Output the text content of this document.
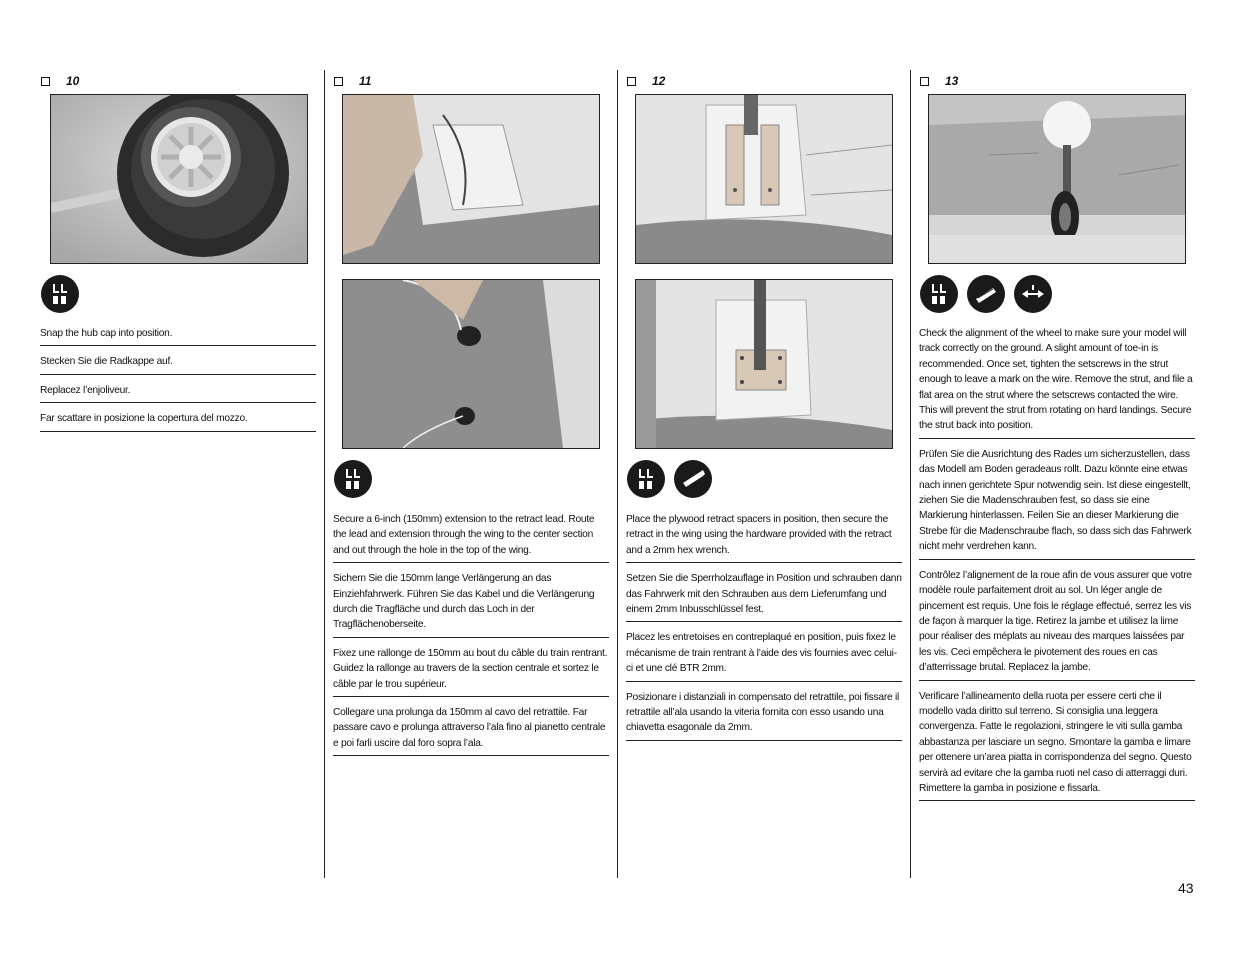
10
Snap the hub cap into position.
Stecken Sie die Radkappe auf.
Replacez l’enjoliveur.
Far scattare in posizione la copertura del mozzo.
11
Secure a 6-inch (150mm) extension to the retract lead. Route the lead and extension through the wing to the center section and out through the hole in the top of the wing.
Sichern Sie die 150mm lange Verlängerung an das Einziehfahrwerk. Führen Sie das Kabel und die Verlängerung durch die Tragfläche und durch das Loch in der Tragflächenoberseite.
Fixez une rallonge de 150mm au bout du câble du train rentrant. Guidez la rallonge au travers de la section centrale et sortez le câble par le trou supérieur.
Collegare una prolunga da 150mm al cavo del retrattile. Far passare cavo e prolunga attraverso l’ala fino al pianetto centrale e poi farli uscire dal foro sopra l’ala.
12
Place the plywood retract spacers in position, then secure the retract in the wing using the hardware provided with the retract and a 2mm hex wrench.
Setzen Sie die Sperrholzauflage in Position und schrauben dann das Fahrwerk mit den Schrauben aus dem Lieferumfang und einem 2mm Inbusschlüssel fest.
Placez les entretoises en contreplaqué en position, puis fixez le mécanisme de train rentrant à l’aide des vis fournies avec celui-ci et une clé BTR 2mm.
Posizionare i distanziali in compensato del retrattile, poi fissare il retrattile all’ala usando la viteria fornita con esso usando una chiavetta esagonale da 2mm.
13
Check the alignment of the wheel to make sure your model will track correctly on the ground. A slight amount of toe-in is recommended. Once set, tighten the setscrews in the strut enough to leave a mark on the wire. Remove the strut, and file a flat area on the strut where the setscrews contacted the wire. This will prevent the strut from rotating on hard landings. Secure the strut back into position.
Prüfen Sie die Ausrichtung des Rades um sicherzustellen, dass das Modell am Boden geradeaus rollt. Dazu könnte eine etwas nach innen gerichtete Spur notwendig sein. Ist diese eingestellt, ziehen Sie die Madenschrauben fest, so dass sie eine Markierung hinterlassen. Feilen Sie an dieser Markierung die Strebe für die Madenschraube flach, so dass sich das Fahrwerk nicht mehr verdrehen kann.
Contrôlez l’alignement de la roue afin de vous assurer que votre modèle roule parfaitement droit au sol. Un léger angle de pincement est requis. Une fois le réglage effectué, serrez les vis de façon à marquer la tige. Retirez la jambe et utilisez la lime pour réaliser des méplats au niveau des marques laissées par les vis. Ceci empêchera le pivotement des roues en cas d’atterrissage brutal. Replacez la jambe.
Verificare l’allineamento della ruota per essere certi che il modello vada diritto sul terreno. Si consiglia una leggera convergenza. Fatte le regolazioni, stringere le viti sulla gamba abbastanza per lasciare un segno. Smontare la gamba e limare per ottenere un’area piatta in corrispondenza del segno. Questo servirà ad evitare che la gamba ruoti nel caso di atterraggi duri. Rimettere la gamba in posizione e fissarla.
43
